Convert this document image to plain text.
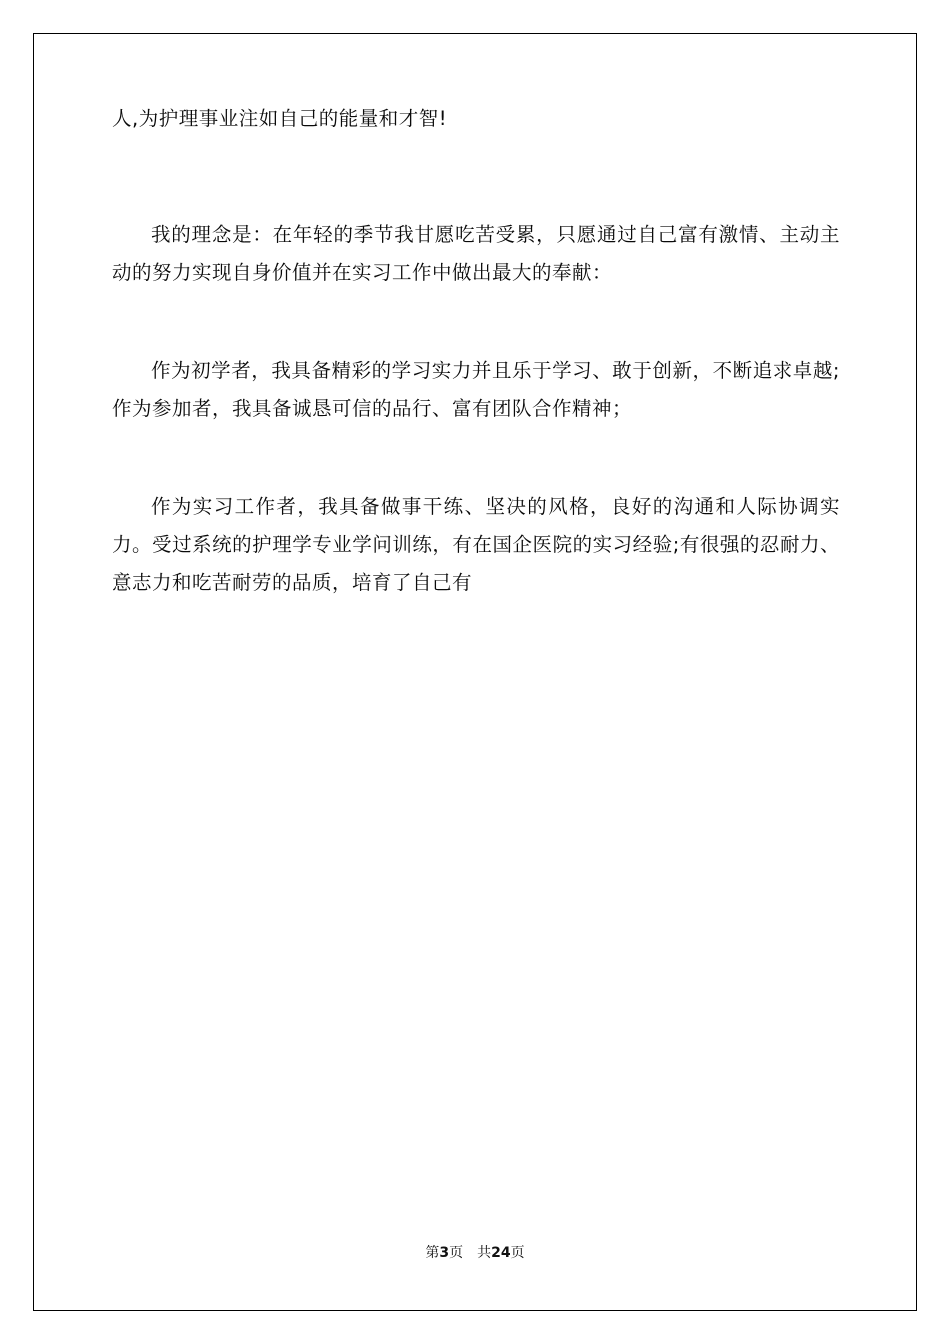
人,为护理事业注如自己的能量和才智!

我的理念是：在年轻的季节我甘愿吃苦受累，只愿通过自己富有激情、主动主动的努力实现自身价值并在实习工作中做出最大的奉献：

作为初学者，我具备精彩的学习实力并且乐于学习、敢于创新，不断追求卓越;作为参加者，我具备诚恳可信的品行、富有团队合作精神；

作为实习工作者，我具备做事干练、坚决的风格，良好的沟通和人际协调实力。受过系统的护理学专业学问训练，有在国企医院的实习经验;有很强的忍耐力、意志力和吃苦耐劳的品质，培育了自己有

第3页 共24页
